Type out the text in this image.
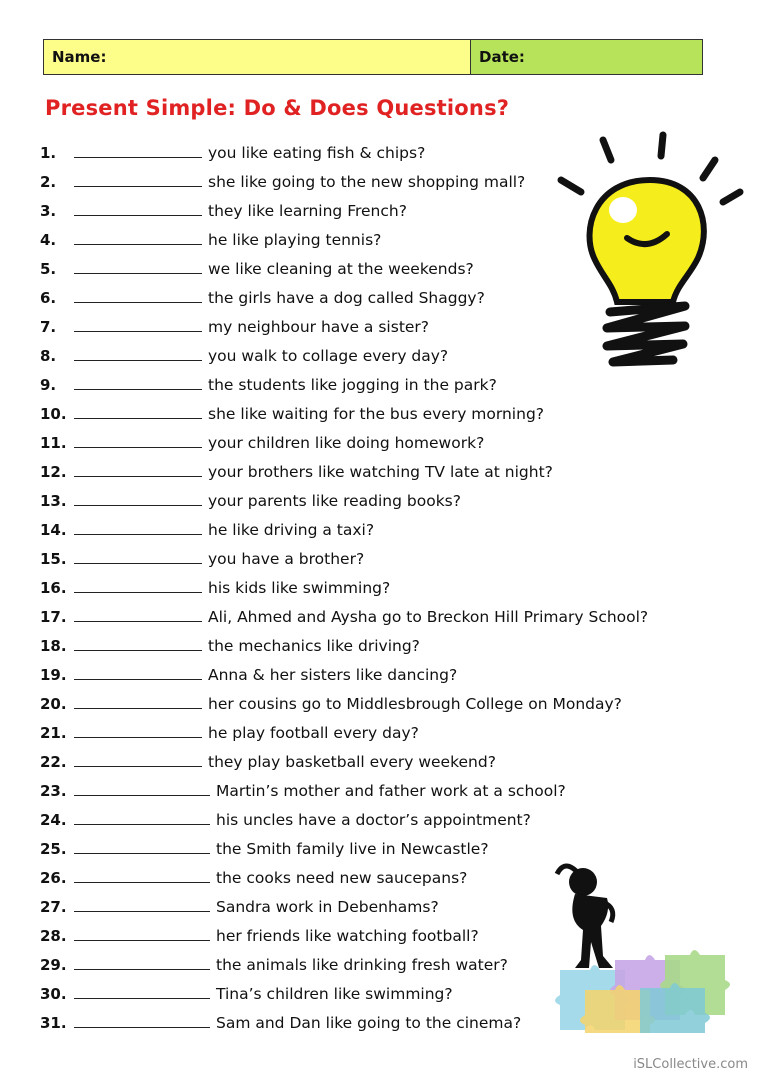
Name:	Date:
Present Simple: Do & Does Questions?
1.	you like eating fish & chips?
2.	she like going to the new shopping mall?
3.	they like learning French?
4.	he like playing tennis?
5.	we like cleaning at the weekends?
6.	the girls have a dog called Shaggy?
7.	my neighbour have a sister?
8.	you walk to collage every day?
9.	the students like jogging in the park?
10.	she like waiting for the bus every morning?
11.	your children like doing homework?
12.	your brothers like watching TV late at night?
13.	your parents like reading books?
14.	he like driving a taxi?
15.	you have a brother?
16.	his kids like swimming?
17.	Ali, Ahmed and Aysha go to Breckon Hill Primary School?
18.	the mechanics like driving?
19.	Anna & her sisters like dancing?
20.	her cousins go to Middlesbrough College on Monday?
21.	he play football every day?
22.	they play basketball every weekend?
23.	Martin’s mother and father work at a school?
24.	his uncles have a doctor’s appointment?
25.	the Smith family live in Newcastle?
26.	the cooks need new saucepans?
27.	Sandra work in Debenhams?
28.	her friends like watching football?
29.	the animals like drinking fresh water?
30.	Tina’s children like swimming?
31.	Sam and Dan like going to the cinema?
iSLCollective.com
